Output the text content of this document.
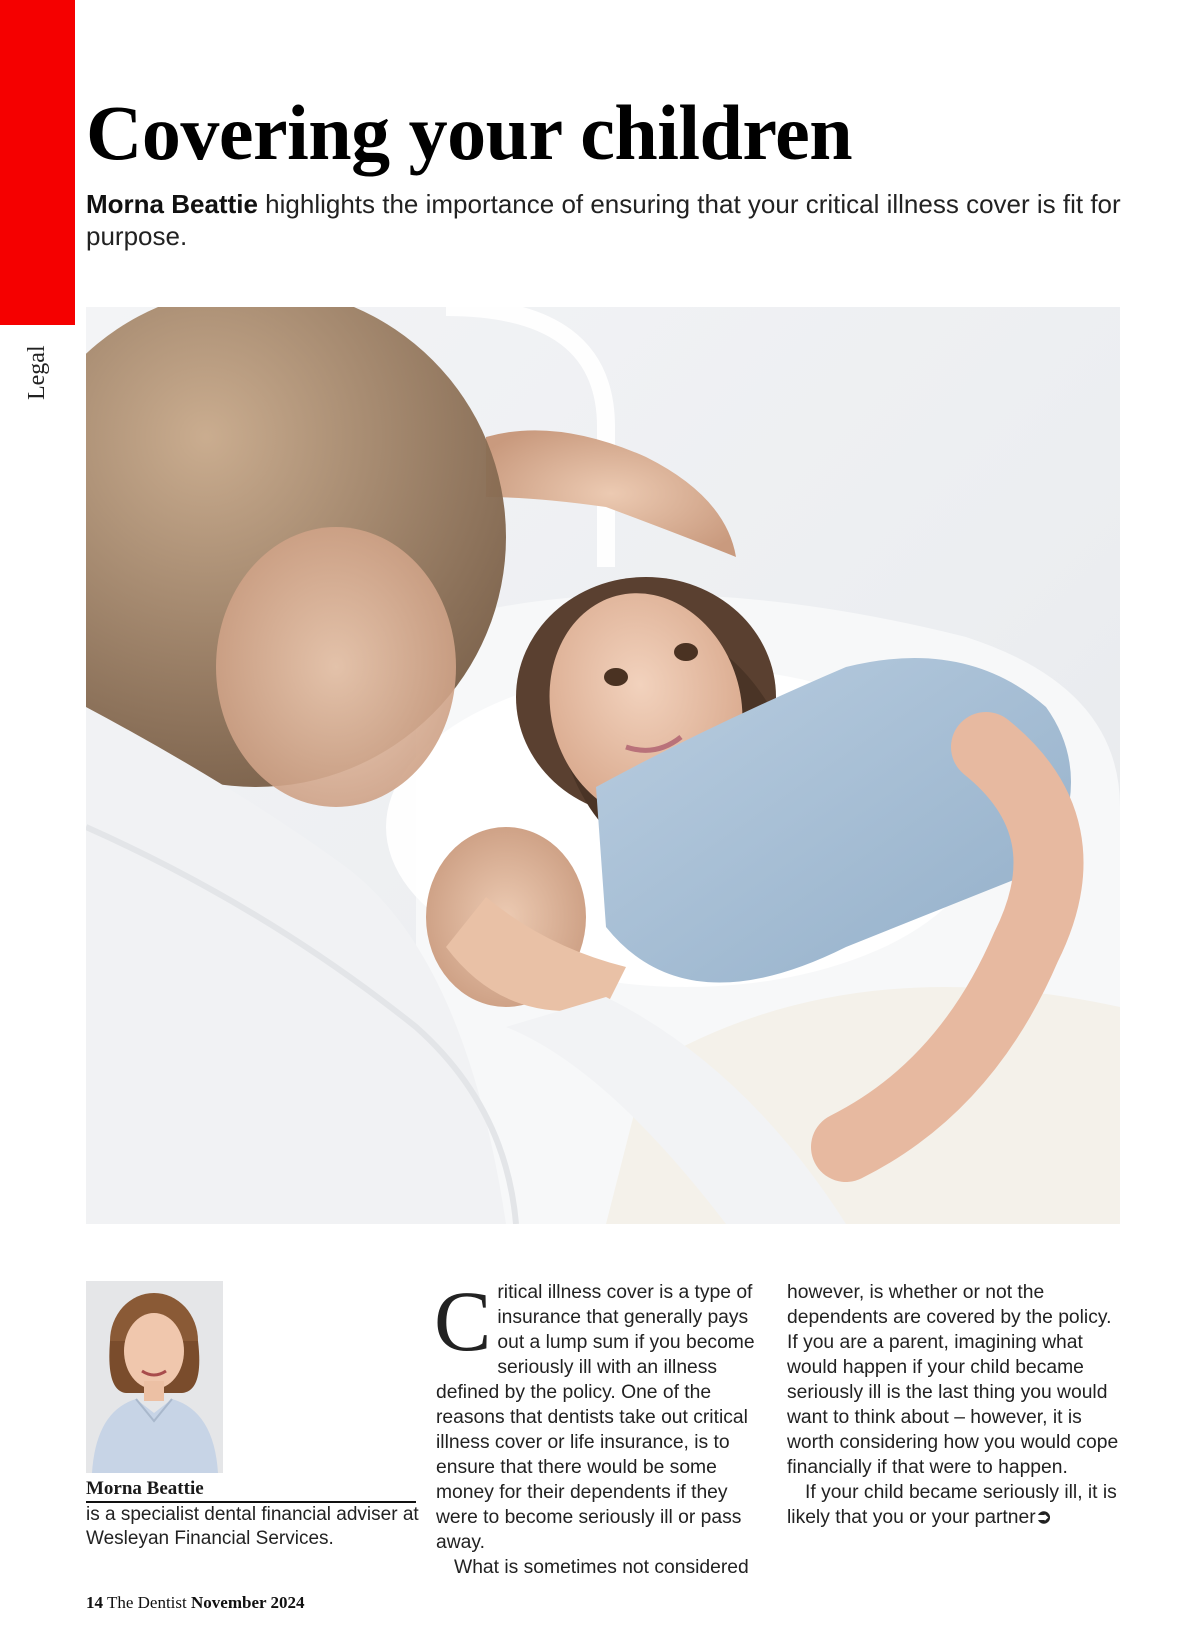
Legal
Covering your children

Morna Beattie highlights the importance of ensuring that your critical illness cover is fit for purpose.

Morna Beattie

is a specialist dental financial adviser at Wesleyan Financial Services.

C ritical illness cover is a type of insurance that generally pays out a lump sum if you become seriously ill with an illness defined by the policy. One of the reasons that dentists take out critical illness cover or life insurance, is to ensure that there would be some money for their dependents if they were to become seriously ill or pass away.

What is sometimes not considered

however, is whether or not the dependents are covered by the policy. If you are a parent, imagining what would happen if your child became seriously ill is the last thing you would want to think about – however, it is worth considering how you would cope financially if that were to happen.

If your child became seriously ill, it is likely that you or your partner➲

14 The Dentist November 2024
